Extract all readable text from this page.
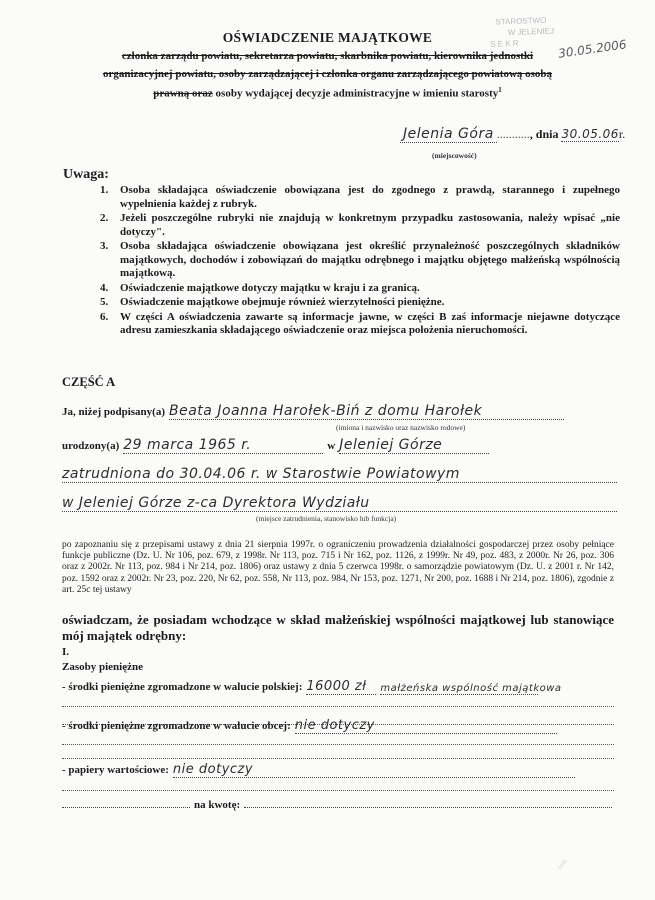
STAROSTWO
W JELENIEJ
S E K R	30.05.2006
OŚWIADCZENIE MAJĄTKOWE
członka zarządu powiatu, sekretarza powiatu, skarbnika powiatu, kierownika jednostki
organizacyjnej powiatu, osoby zarządzającej i członka organu zarządzającego powiatową osobą
prawną oraz osoby wydającej decyzje administracyjne w imieniu starosty$^1$
Jelenia Góra ..........., dnia 30.05.06r.
(miejscowość)
Uwaga:
1.	Osoba składająca oświadczenie obowiązana jest do zgodnego z prawdą, starannego i zupełnego wypełnienia każdej z rubryk.
2.	Jeżeli poszczególne rubryki nie znajdują w konkretnym przypadku zastosowania, należy wpisać „nie dotyczy".
3.	Osoba składająca oświadczenie obowiązana jest określić przynależność poszczególnych składników majątkowych, dochodów i zobowiązań do majątku odrębnego i majątku objętego małżeńską wspólnością majątkową.
4.	Oświadczenie majątkowe dotyczy majątku w kraju i za granicą.
5.	Oświadczenie majątkowe obejmuje również wierzytelności pieniężne.
6.	W części A oświadczenia zawarte są informacje jawne, w części B zaś informacje niejawne dotyczące adresu zamieszkania składającego oświadczenie oraz miejsca położenia nieruchomości.
CZĘŚĆ A
Ja, niżej podpisany(a) Beata Joanna Harołek-Biń z domu Harołek
(imiona i nazwisko oraz nazwisko rodowe)
urodzony(a) 29 marca 1965 r.	w Jeleniej Górze
zatrudniona do 30.04.06 r. w Starostwie Powiatowym
w Jeleniej Górze z-ca Dyrektora Wydziału
(miejsce zatrudnienia, stanowisko lub funkcja)
po zapoznaniu się z przepisami ustawy z dnia 21 sierpnia 1997r. o ograniczeniu prowadzenia działalności gospodarczej przez osoby pełniące funkcje publiczne (Dz. U. Nr 106, poz. 679, z 1998r. Nr 113, poz. 715 i Nr 162, poz. 1126, z 1999r. Nr 49, poz. 483, z 2000r. Nr 26, poz. 306 oraz z 2002r. Nr 113, poz. 984 i Nr 214, poz. 1806) oraz ustawy z dnia 5 czerwca 1998r. o samorządzie powiatowym (Dz. U. z 2001 r. Nr 142, poz. 1592 oraz z 2002r. Nr 23, poz. 220, Nr 62, poz. 558, Nr 113, poz. 984, Nr 153, poz. 1271, Nr 200, poz. 1688 i Nr 214, poz. 1806), zgodnie z art. 25c tej ustawy
oświadczam, że posiadam wchodzące w skład małżeńskiej wspólności majątkowej lub stanowiące mój majątek odrębny:
I.
Zasoby pieniężne
- środki pieniężne zgromadzone w walucie polskiej: 16000 zł małżeńska wspólność majątkowa
- środki pieniężne zgromadzone w walucie obcej: nie dotyczy
- papiery wartościowe: nie dotyczy
na kwotę:
⁄⁄
